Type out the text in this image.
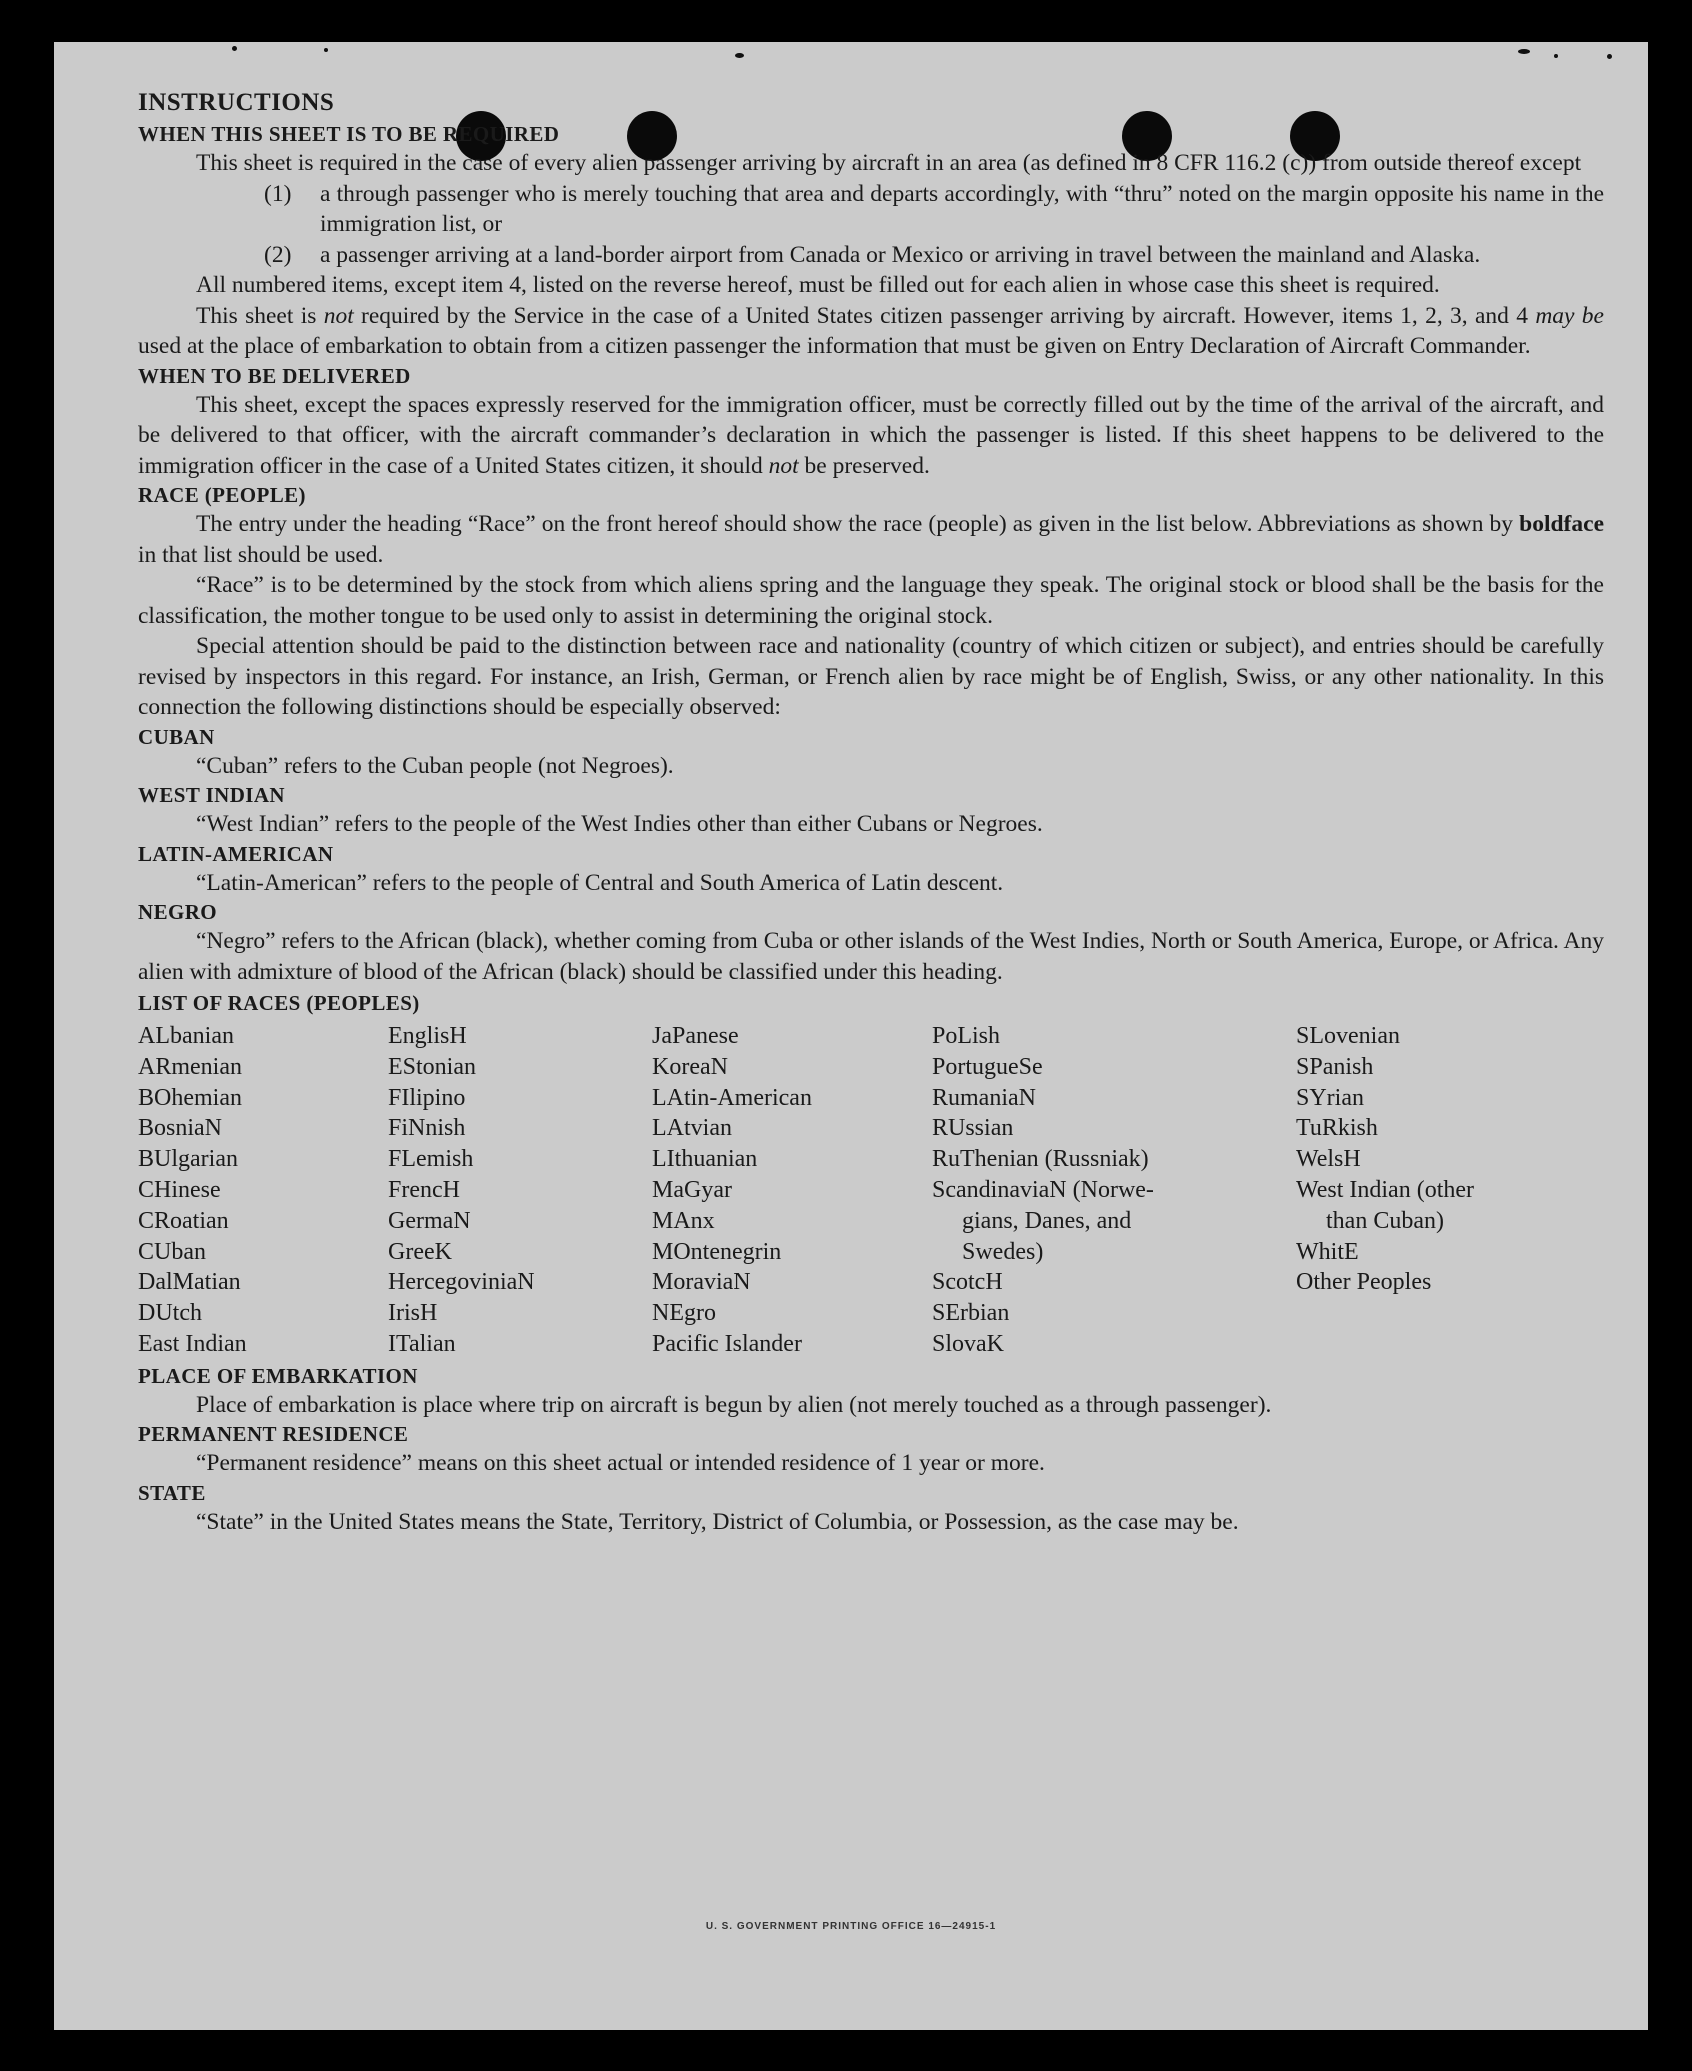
INSTRUCTIONS

WHEN THIS SHEET IS TO BE REQUIRED

This sheet is required in the case of every alien passenger arriving by aircraft in an area (as defined in 8 CFR 116.2 (c)) from outside thereof except

(1)	a through passenger who is merely touching that area and departs accordingly, with “thru” noted on the margin opposite his name in the immigration list, or
(2)	a passenger arriving at a land-border airport from Canada or Mexico or arriving in travel between the mainland and Alaska.

All numbered items, except item 4, listed on the reverse hereof, must be filled out for each alien in whose case this sheet is required.

This sheet is not required by the Service in the case of a United States citizen passenger arriving by aircraft. However, items 1, 2, 3, and 4 may be used at the place of embarkation to obtain from a citizen passenger the information that must be given on Entry Declaration of Aircraft Commander.

WHEN TO BE DELIVERED

This sheet, except the spaces expressly reserved for the immigration officer, must be correctly filled out by the time of the arrival of the aircraft, and be delivered to that officer, with the aircraft commander’s declaration in which the passenger is listed. If this sheet happens to be delivered to the immigration officer in the case of a United States citizen, it should not be preserved.

RACE (PEOPLE)

The entry under the heading “Race” on the front hereof should show the race (people) as given in the list below. Abbreviations as shown by boldface in that list should be used.

“Race” is to be determined by the stock from which aliens spring and the language they speak. The original stock or blood shall be the basis for the classification, the mother tongue to be used only to assist in determining the original stock.

Special attention should be paid to the distinction between race and nationality (country of which citizen or subject), and entries should be carefully revised by inspectors in this regard. For instance, an Irish, German, or French alien by race might be of English, Swiss, or any other nationality. In this connection the following distinctions should be especially observed:

CUBAN

“Cuban” refers to the Cuban people (not Negroes).

WEST INDIAN

“West Indian” refers to the people of the West Indies other than either Cubans or Negroes.

LATIN-AMERICAN

“Latin-American” refers to the people of Central and South America of Latin descent.

NEGRO

“Negro” refers to the African (black), whether coming from Cuba or other islands of the West Indies, North or South America, Europe, or Africa. Any alien with admixture of blood of the African (black) should be classified under this heading.

LIST OF RACES (PEOPLES)

ALbanian
ARmenian
BOhemian
BosniaN
BUlgarian
CHinese
CRoatian
CUban
DalMatian
DUtch
East Indian
EnglisH
EStonian
FIlipino
FiNnish
FLemish
FrencH
GermaN
GreeK
HercegoviniaN
IrisH
ITalian
JaPanese
KoreaN
LAtin-American
LAtvian
LIthuanian
MaGyar
MAnx
MOntenegrin
MoraviaN
NEgro
Pacific Islander
PoLish
PortugueSe
RumaniaN
RUssian
RuThenian (Russniak)
ScandinaviaN (Norwe-
gians, Danes, and
Swedes)
ScotcH
SErbian
SlovaK
SLovenian
SPanish
SYrian
TuRkish
WelsH
West Indian (other
than Cuban)
WhitE
Other Peoples

PLACE OF EMBARKATION

Place of embarkation is place where trip on aircraft is begun by alien (not merely touched as a through passenger).

PERMANENT RESIDENCE

“Permanent residence” means on this sheet actual or intended residence of 1 year or more.

STATE

“State” in the United States means the State, Territory, District of Columbia, or Possession, as the case may be.

U. S. GOVERNMENT PRINTING OFFICE 16—24915-1
